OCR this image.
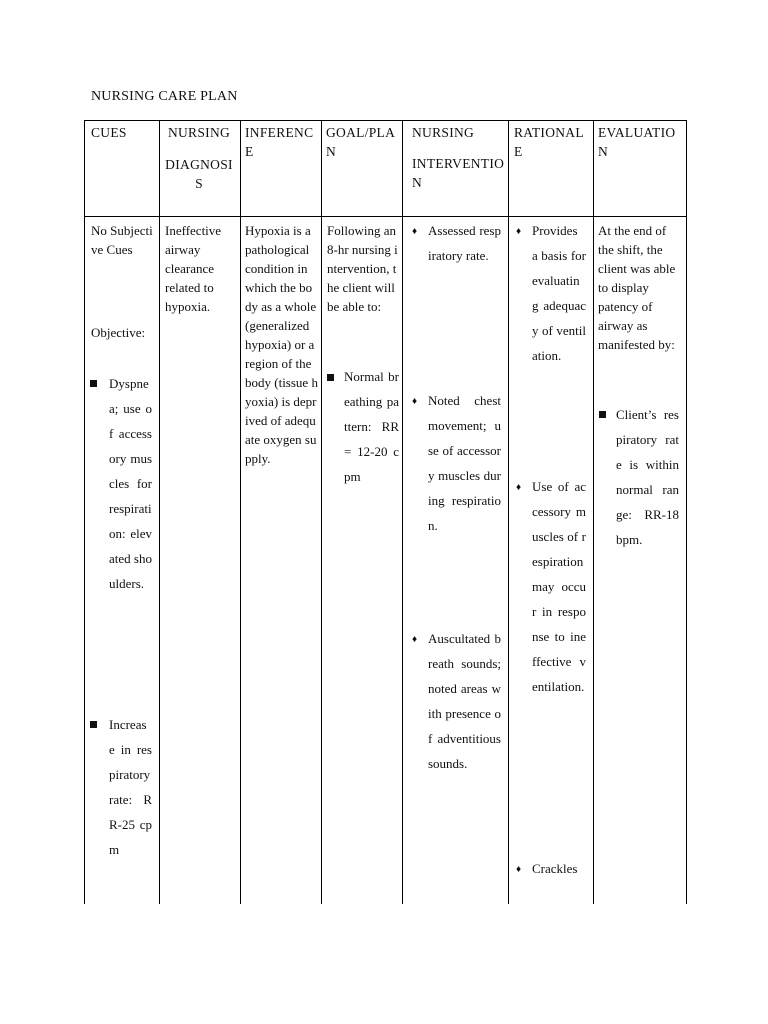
NURSING CARE PLAN
CUES	NURSING
DIAGNOSIS
INFERENCE
GOAL/PLAN
NURSING
INTERVENTION
RATIONALE
EVALUATION
No Subjective Cues
Objective:
Dyspnea; use of accessory muscles for respiration: elevated shoulders.
Increase in respiratory rate: RR-25 cpm
Ineffective airway clearance related to hypoxia.
Hypoxia is a pathological condition in which the body as a whole (generalized hypoxia) or a region of the body (tissue hyoxia) is deprived of adequate oxygen supply.
Following an 8-hr nursing intervention, the client will be able to:
Normal breathing pattern: RR = 12-20 cpm
♦ Assessed respiratory rate.
♦ Noted chest movement; use of accessory muscles during respiration.
♦ Auscultated breath sounds; noted areas with presence of adventitious sounds.
♦ Provides a basis for evaluating adequacy of ventilation.
♦ Use of accessory muscles of respiration may occur in response to ineffective ventilation.
♦ Crackles
At the end of the shift, the client was able to display patency of airway as manifested by:
Client’s respiratory rate is within normal range: RR-18 bpm.
